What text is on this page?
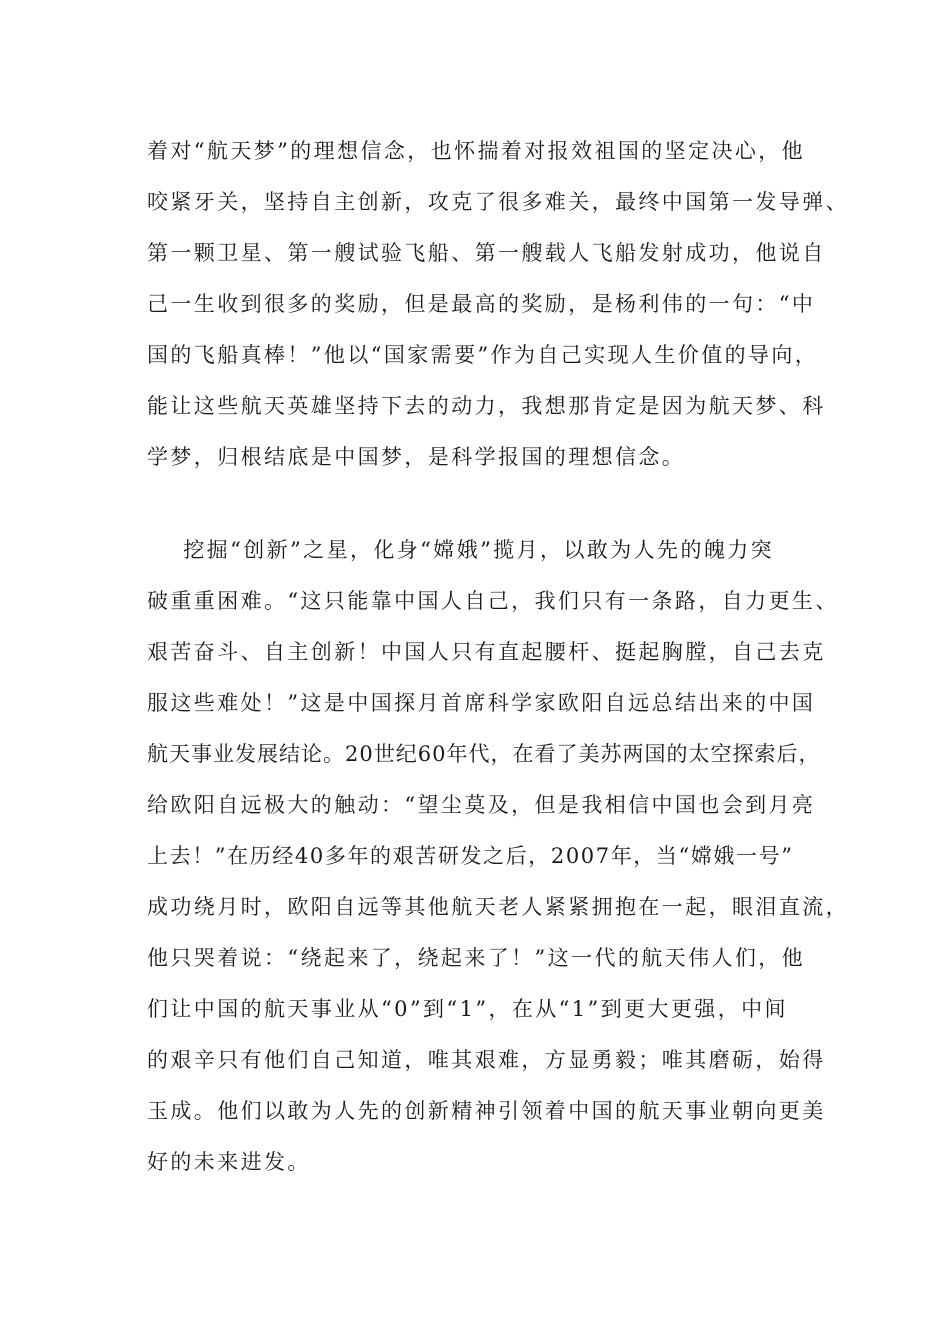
着对“航天梦”的理想信念，也怀揣着对报效祖国的坚定决心，他
咬紧牙关，坚持自主创新，攻克了很多难关，最终中国第一发导弹、
第一颗卫星、第一艘试验飞船、第一艘载人飞船发射成功，他说自
己一生收到很多的奖励，但是最高的奖励，是杨利伟的一句：“中
国的飞船真棒！”他以“国家需要”作为自己实现人生价值的导向，
能让这些航天英雄坚持下去的动力，我想那肯定是因为航天梦、科
学梦，归根结底是中国梦，是科学报国的理想信念。
挖掘“创新”之星，化身“嫦娥”揽月，以敢为人先的魄力突
破重重困难。“这只能靠中国人自己，我们只有一条路，自力更生、
艰苦奋斗、自主创新！中国人只有直起腰杆、挺起胸膛，自己去克
服这些难处！”这是中国探月首席科学家欧阳自远总结出来的中国
航天事业发展结论。20世纪60年代，在看了美苏两国的太空探索后，
给欧阳自远极大的触动：“望尘莫及，但是我相信中国也会到月亮
上去！”在历经40多年的艰苦研发之后，2007年，当“嫦娥一号”
成功绕月时，欧阳自远等其他航天老人紧紧拥抱在一起，眼泪直流，
他只哭着说：“绕起来了，绕起来了！”这一代的航天伟人们，他
们让中国的航天事业从“0”到“1”，在从“1”到更大更强，中间
的艰辛只有他们自己知道，唯其艰难，方显勇毅；唯其磨砺，始得
玉成。他们以敢为人先的创新精神引领着中国的航天事业朝向更美
好的未来进发。
